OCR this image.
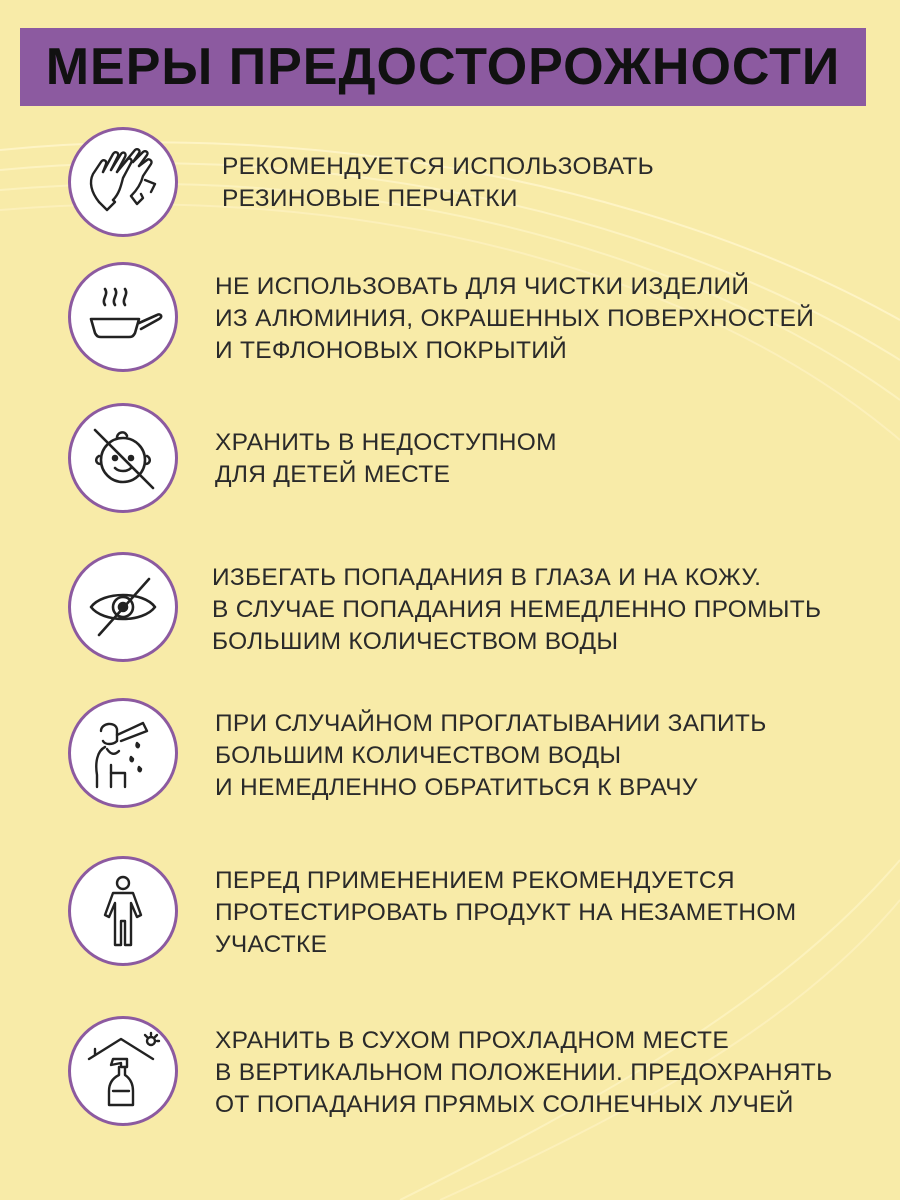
МЕРЫ ПРЕДОСТОРОЖНОСТИ
РЕКОМЕНДУЕТСЯ ИСПОЛЬЗОВАТЬ
РЕЗИНОВЫЕ ПЕРЧАТКИ
НЕ ИСПОЛЬЗОВАТЬ ДЛЯ ЧИСТКИ ИЗДЕЛИЙ
ИЗ АЛЮМИНИЯ, ОКРАШЕННЫХ ПОВЕРХНОСТЕЙ
И ТЕФЛОНОВЫХ ПОКРЫТИЙ
ХРАНИТЬ В НЕДОСТУПНОМ
ДЛЯ ДЕТЕЙ МЕСТЕ
ИЗБЕГАТЬ ПОПАДАНИЯ В ГЛАЗА И НА КОЖУ.
В СЛУЧАЕ ПОПАДАНИЯ НЕМЕДЛЕННО ПРОМЫТЬ
БОЛЬШИМ КОЛИЧЕСТВОМ ВОДЫ
ПРИ СЛУЧАЙНОМ ПРОГЛАТЫВАНИИ ЗАПИТЬ
БОЛЬШИМ КОЛИЧЕСТВОМ ВОДЫ
И НЕМЕДЛЕННО ОБРАТИТЬСЯ К ВРАЧУ
ПЕРЕД ПРИМЕНЕНИЕМ РЕКОМЕНДУЕТСЯ
ПРОТЕСТИРОВАТЬ ПРОДУКТ НА НЕЗАМЕТНОМ
УЧАСТКЕ
ХРАНИТЬ В СУХОМ ПРОХЛАДНОМ МЕСТЕ
В ВЕРТИКАЛЬНОМ ПОЛОЖЕНИИ. ПРЕДОХРАНЯТЬ
ОТ ПОПАДАНИЯ ПРЯМЫХ СОЛНЕЧНЫХ ЛУЧЕЙ
